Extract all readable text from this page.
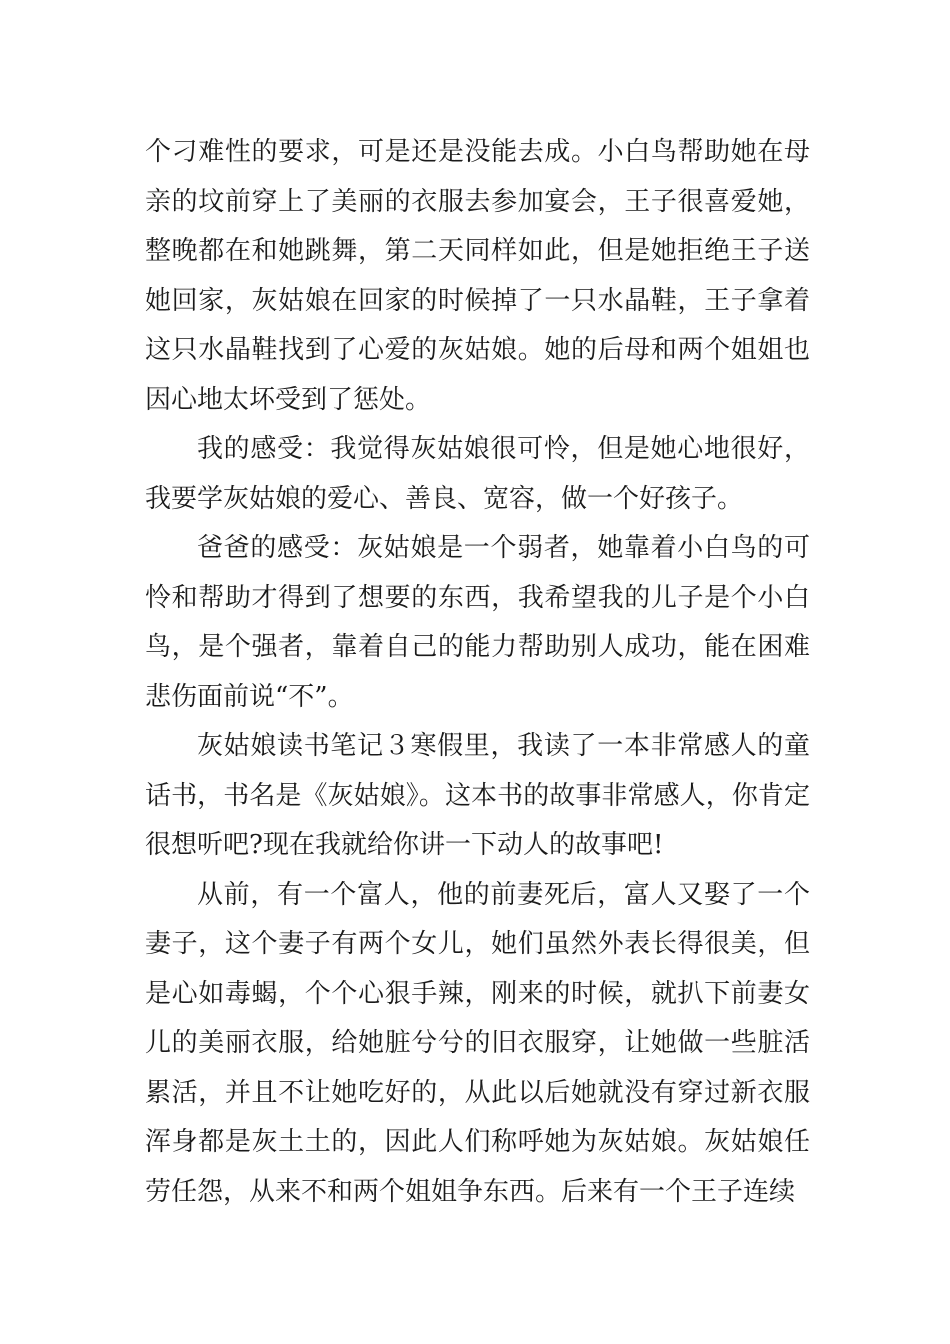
个刁难性的要求，可是还是没能去成。小白鸟帮助她在母亲的坟前穿上了美丽的衣服去参加宴会，王子很喜爱她，整晚都在和她跳舞，第二天同样如此，但是她拒绝王子送她回家，灰姑娘在回家的时候掉了一只水晶鞋，王子拿着这只水晶鞋找到了心爱的灰姑娘。她的后母和两个姐姐也因心地太坏受到了惩处。

我的感受：我觉得灰姑娘很可怜，但是她心地很好，我要学灰姑娘的爱心、善良、宽容，做一个好孩子。

爸爸的感受：灰姑娘是一个弱者，她靠着小白鸟的可怜和帮助才得到了想要的东西，我希望我的儿子是个小白鸟，是个强者，靠着自己的能力帮助别人成功，能在困难悲伤面前说“不”。

灰姑娘读书笔记３寒假里，我读了一本非常感人的童话书，书名是《灰姑娘》。这本书的故事非常感人，你肯定很想听吧?现在我就给你讲一下动人的故事吧!

从前，有一个富人，他的前妻死后，富人又娶了一个妻子，这个妻子有两个女儿，她们虽然外表长得很美，但是心如毒蝎，个个心狠手辣，刚来的时候，就扒下前妻女儿的美丽衣服，给她脏兮兮的旧衣服穿，让她做一些脏活累活，并且不让她吃好的，从此以后她就没有穿过新衣服浑身都是灰土土的，因此人们称呼她为灰姑娘。灰姑娘任劳任怨，从来不和两个姐姐争东西。后来有一个王子连续
